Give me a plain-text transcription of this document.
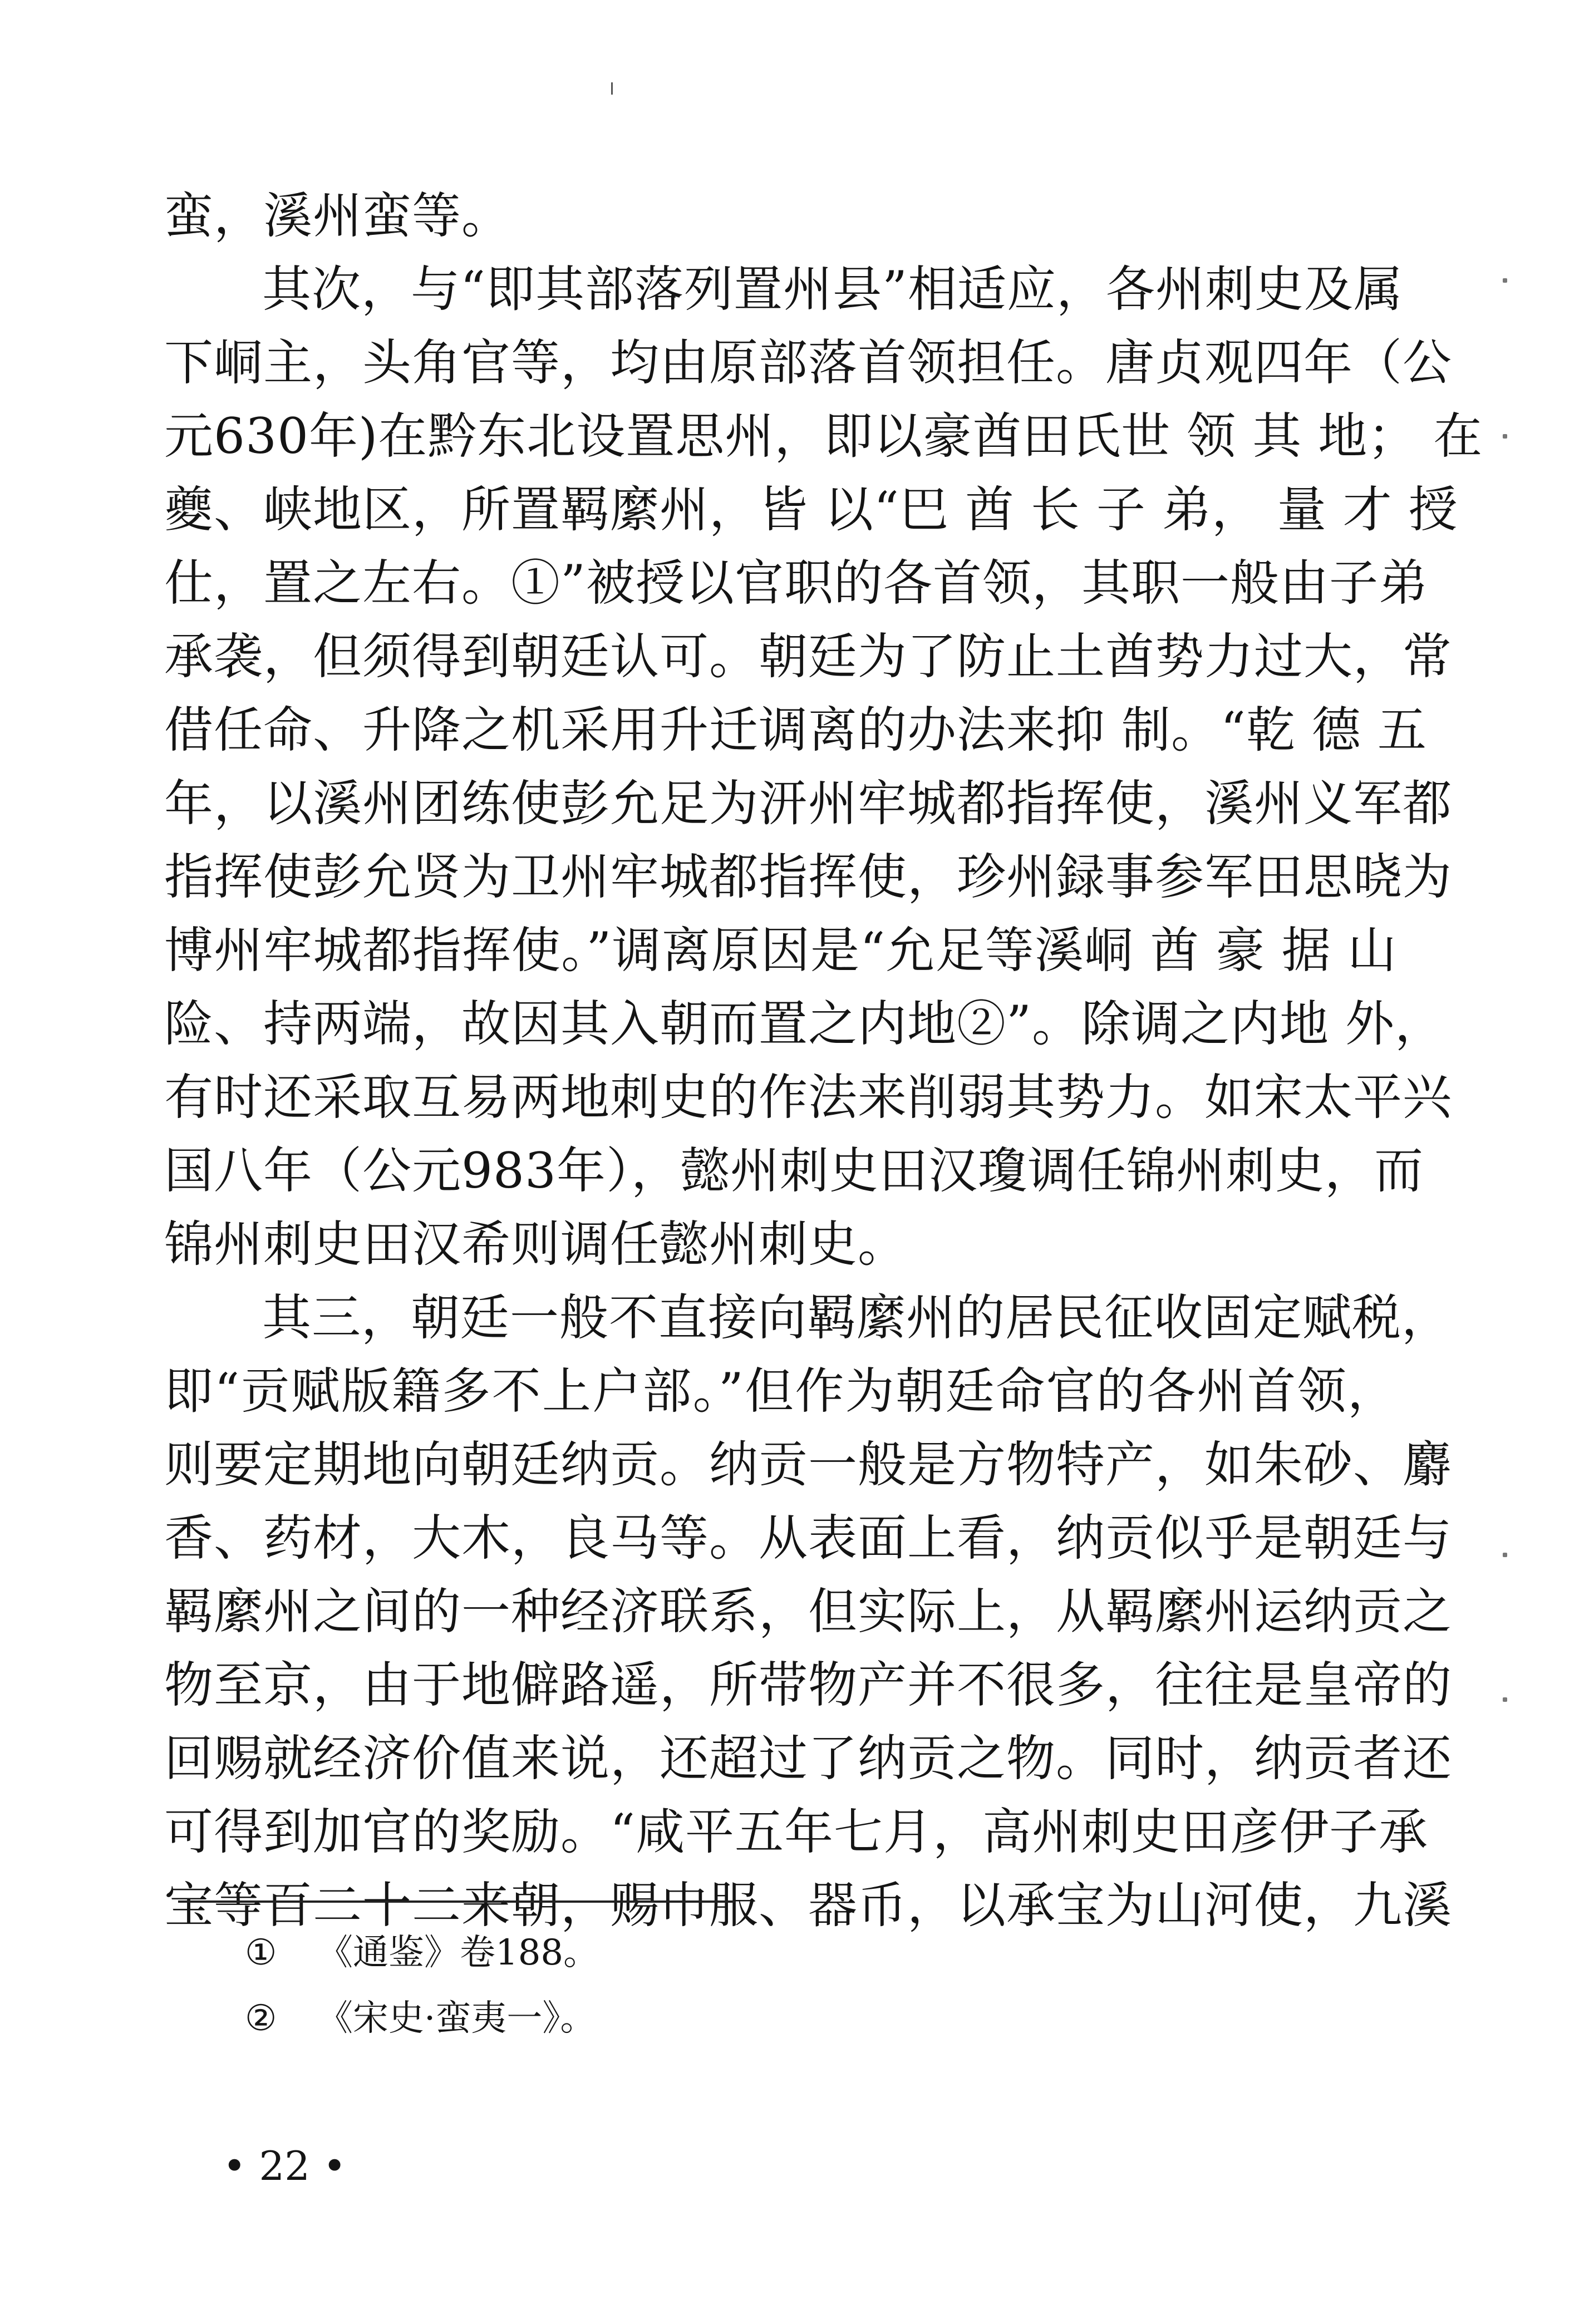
蛮，溪州蛮等。
其次，与“即其部落列置州县”相适应，各州刺史及属
下峒主，头角官等，均由原部落首领担任。唐贞观四年（公
元630年)在黔东北设置思州，即以豪酋田氏世 领 其 地； 在
夔、峡地区，所置羁縻州，皆 以“巴 酋 长 子 弟， 量 才 授
仕，置之左右。①”被授以官职的各首领，其职一般由子弟
承袭，但须得到朝廷认可。朝廷为了防止土酋势力过大，常
借任命、升降之机采用升迁调离的办法来抑 制。“乾 德 五
年，以溪州团练使彭允足为汧州牢城都指挥使，溪州义军都
指挥使彭允贤为卫州牢城都指挥使，珍州録事参军田思晓为
博州牢城都指挥使。”调离原因是“允足等溪峒 酋 豪 据 山
险、持两端，故因其入朝而置之内地②”。除调之内地 外，
有时还采取互易两地刺史的作法来削弱其势力。如宋太平兴
国八年（公元983年），懿州刺史田汉瓊调任锦州刺史，而
锦州刺史田汉希则调任懿州刺史。
其三，朝廷一般不直接向羁縻州的居民征收固定赋税，
即“贡赋版籍多不上户部。”但作为朝廷命官的各州首领，
则要定期地向朝廷纳贡。纳贡一般是方物特产，如朱砂、麝
香、药材，大木，良马等。从表面上看，纳贡似乎是朝廷与
羁縻州之间的一种经济联系，但实际上，从羁縻州运纳贡之
物至京，由于地僻路遥，所带物产并不很多，往往是皇帝的
回赐就经济价值来说，还超过了纳贡之物。同时，纳贡者还
可得到加官的奖励。“咸平五年七月，高州刺史田彦伊子承
宝等百二十二来朝，赐巾服、器币，以承宝为山河使，九溪
① 《通鉴》卷188。
② 《宋史·蛮夷一》。
• 22 •
